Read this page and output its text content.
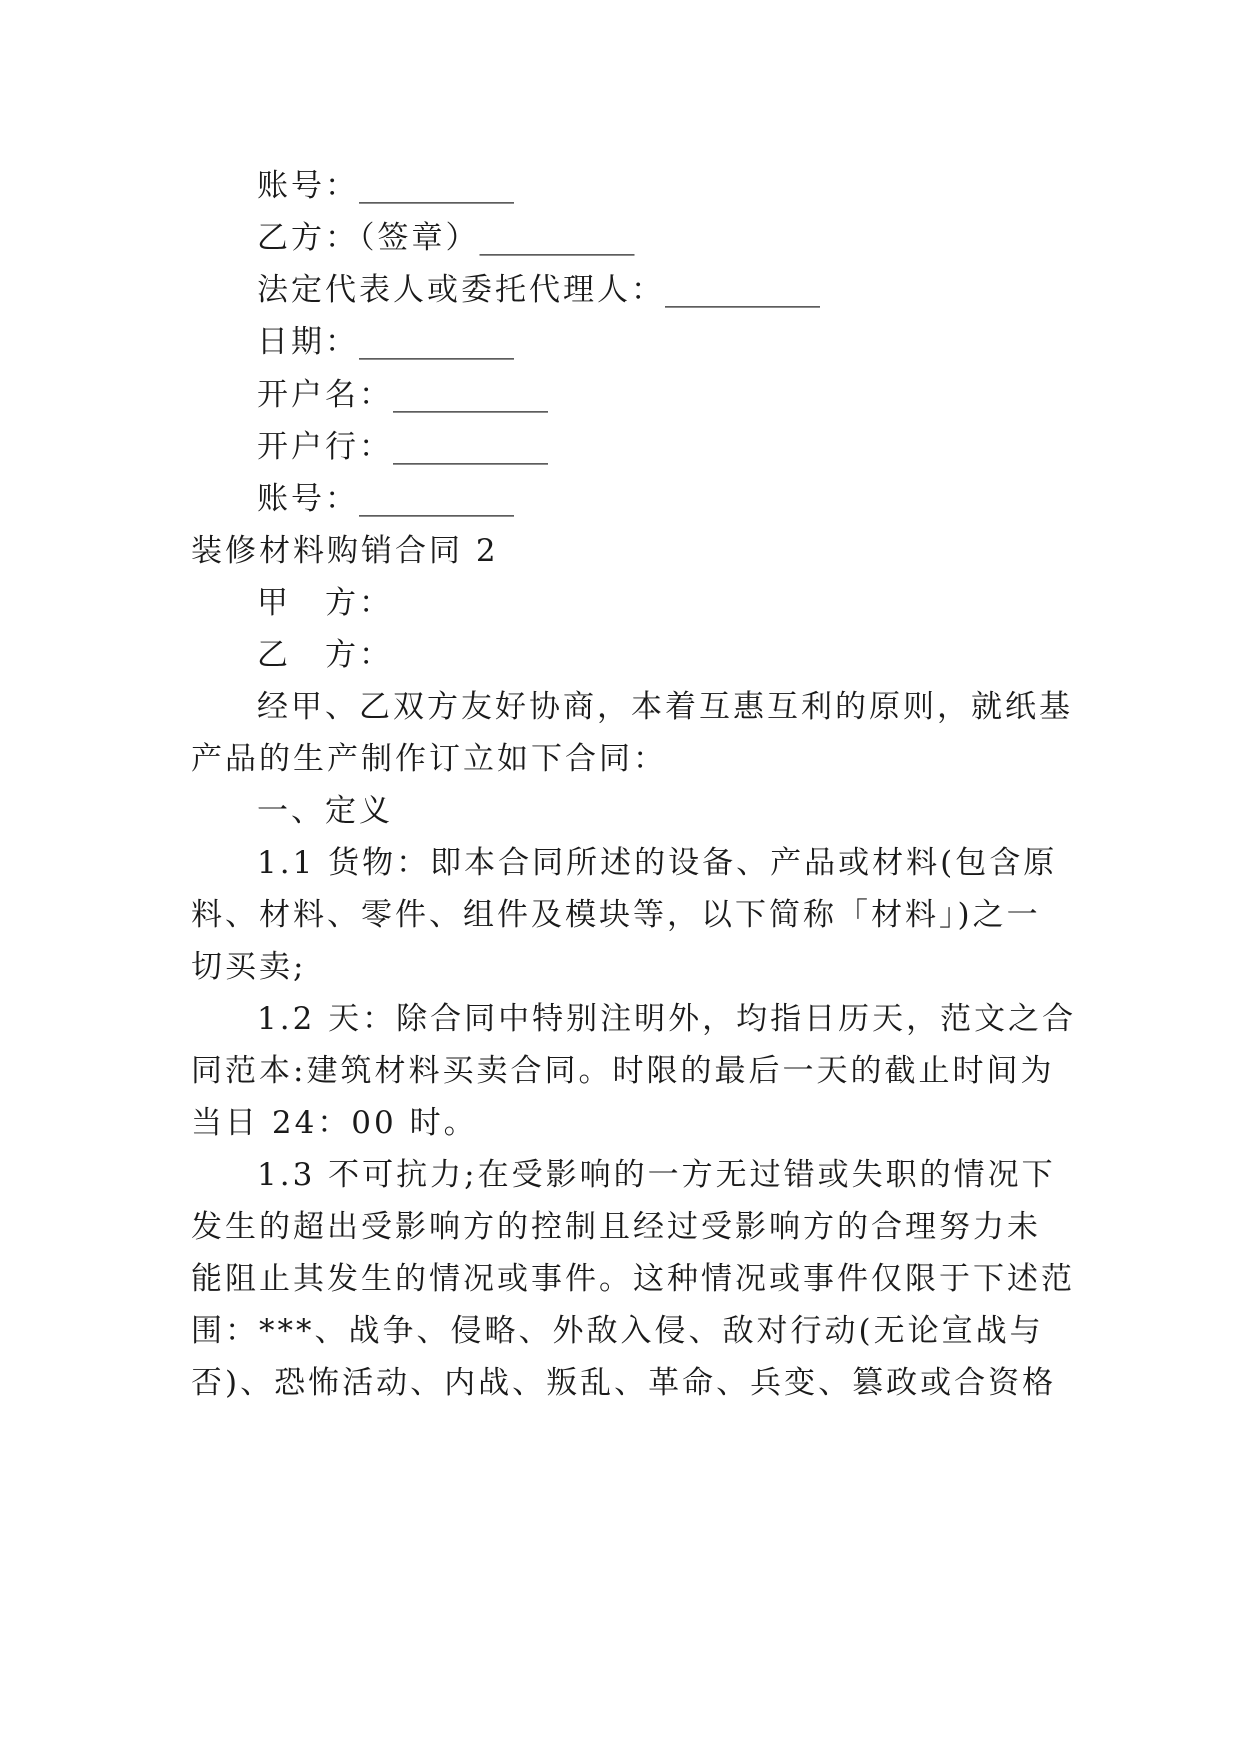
账号：__________
乙方：（签章）__________
法定代表人或委托代理人：__________
日期：__________
开户名：__________
开户行：__________
账号：__________
装修材料购销合同 2
甲　方：
乙　方：
经甲、乙双方友好协商，本着互惠互利的原则，就纸基
产品的生产制作订立如下合同：
一、定义
1.1 货物：即本合同所述的设备、产品或材料(包含原
料、材料、零件、组件及模块等，以下简称「材料」)之一
切买卖;
1.2 天：除合同中特别注明外，均指日历天，范文之合
同范本:建筑材料买卖合同。时限的最后一天的截止时间为
当日 24：00 时。
1.3 不可抗力;在受影响的一方无过错或失职的情况下
发生的超出受影响方的控制且经过受影响方的合理努力未
能阻止其发生的情况或事件。这种情况或事件仅限于下述范
围：***、战争、侵略、外敌入侵、敌对行动(无论宣战与
否)、恐怖活动、内战、叛乱、革命、兵变、篡政或合资格
